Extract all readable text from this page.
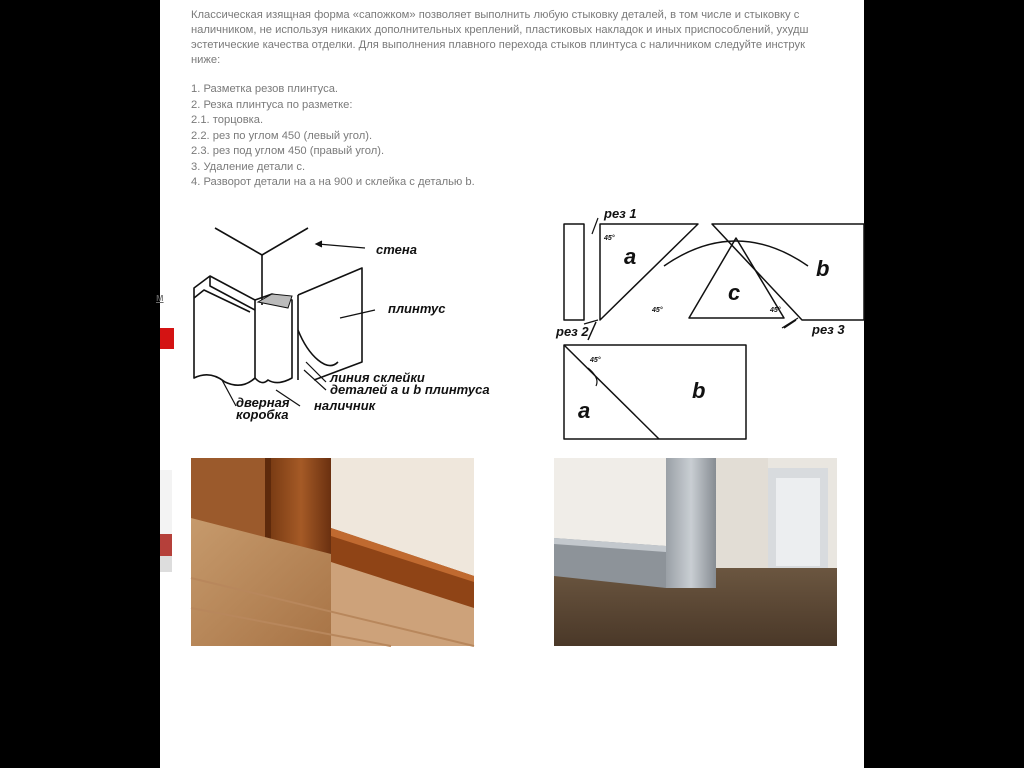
Классическая изящная форма «сапожком» позволяет выполнить любую стыковку деталей, в том числе и стыковку с

наличником, не используя никаких дополнительных креплений, пластиковых накладок и иных приспособлений, ухудш

эстетические качества отделки. Для выполнения плавного перехода стыков плинтуса с наличником следуйте инструк

ниже:

1. Разметка резов плинтуса.
2. Резка плинтуса по разметке:
2.1. торцовка.
2.2. рез по углом 450 (левый угол).
2.3. рез под углом 450 (правый угол).
3. Удаление детали c.
4. Разворот детали на a на 900 и склейка с деталью b.
м
стена
плинтус
линия склейки
деталей a и b плинтуса
дверная
коробка
наличник
рез 1
рез 2	рез 3
a	b
c
a
b
45°
45°	45°
45°
